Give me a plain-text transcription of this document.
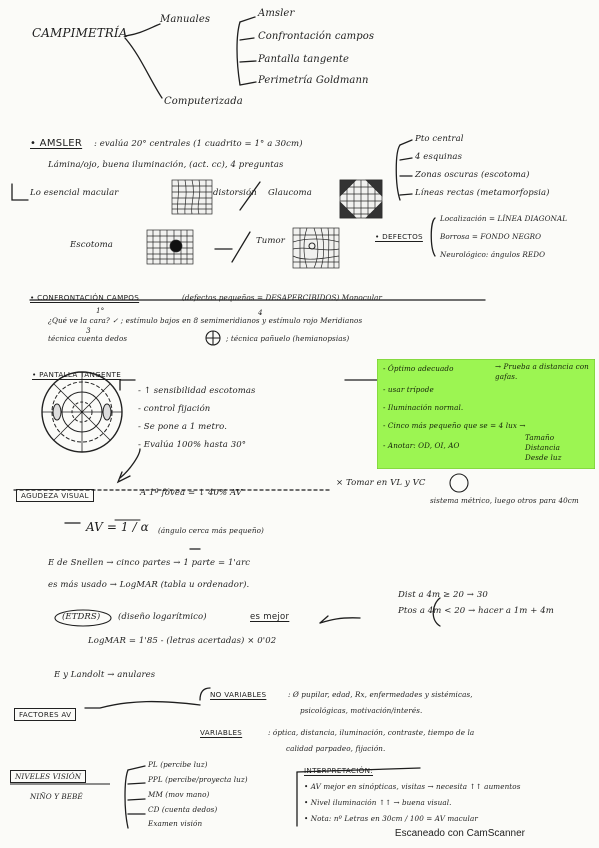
CAMPIMETRÍA
Manuales
Computerizada
Amsler
Confrontación campos
Pantalla tangente
Perimetría Goldmann
• AMSLER : evalúa 20° centrales (1 cuadrito = 1° a 30cm)
Lámina/ojo, buena iluminación, (act. cc), 4 preguntas
Pto central
4 esquinas
Zonas oscuras (escotoma)
Líneas rectas (metamorfopsia)
Lo esencial macular	distorsión Glaucoma
Escotoma	Tumor	• DEFECTOS
Localización = LÍNEA DIAGONAL
Borrosa = FONDO NEGRO
Neurológico: ángulos REDO
• CONFRONTACIÓN CAMPOS	(defectos pequeños = DESAPERCIBIDOS) Monocular
¿Qué ve la cara? ✓ ; estímulo bajos en 8 semimeridianos y estímulo rojo Meridianos
técnica cuenta dedos	; técnica pañuelo (hemianopsias)
1°
3
4
• PANTALLA TANGENTE
- ↑ sensibilidad escotomas
- control fijación
- Se pone a 1 metro.
- Evalúa 100% hasta 30°
- Óptimo adecuado	→ Prueba a distancia con gafas.
- usar trípode
- Iluminación normal.
- Cinco más pequeño que se = 4 lux →
- Anotar: OD, OI, AO
Tamaño
Distancia
Desde luz
AGUDEZA VISUAL	A 1ª fóvea = ↓ 40% AV
× Tomar en VL y VC
sistema métrico, luego otros para 40cm
AV = 1 / α (ángulo cerca más pequeño)
E de Snellen → cinco partes → 1 parte = 1'arc
es más usado → LogMAR (tabla u ordenador).
Dist a 4m ≥ 20 → 30
Ptos a 4m < 20 → hacer a 1m + 4m
(ETDRS) (diseño logarítmico)	es mejor
LogMAR = 1'85 - (letras acertadas) × 0'02
E y Landolt → anulares
FACTORES AV
NO VARIABLES	: Ø pupilar, edad, Rx, enfermedades y sistémicas,
psicológicas, motivación/interés.
VARIABLES	: óptica, distancia, iluminación, contraste, tiempo de la
calidad parpadeo, fijación.
NIVELES VISIÓN
NIÑO Y BEBÉ
PL (percibe luz)
PPL (percibe/proyecta luz)
MM (mov mano)
CD (cuenta dedos)
Examen visión
INTERPRETACIÓN:
• AV mejor en sinópticas, visitas → necesita ↑↑ aumentos
• Nivel iluminación ↑↑ → buena visual.
• Nota: nº Letras en 30cm / 100 = AV macular
Escaneado con CamScanner
